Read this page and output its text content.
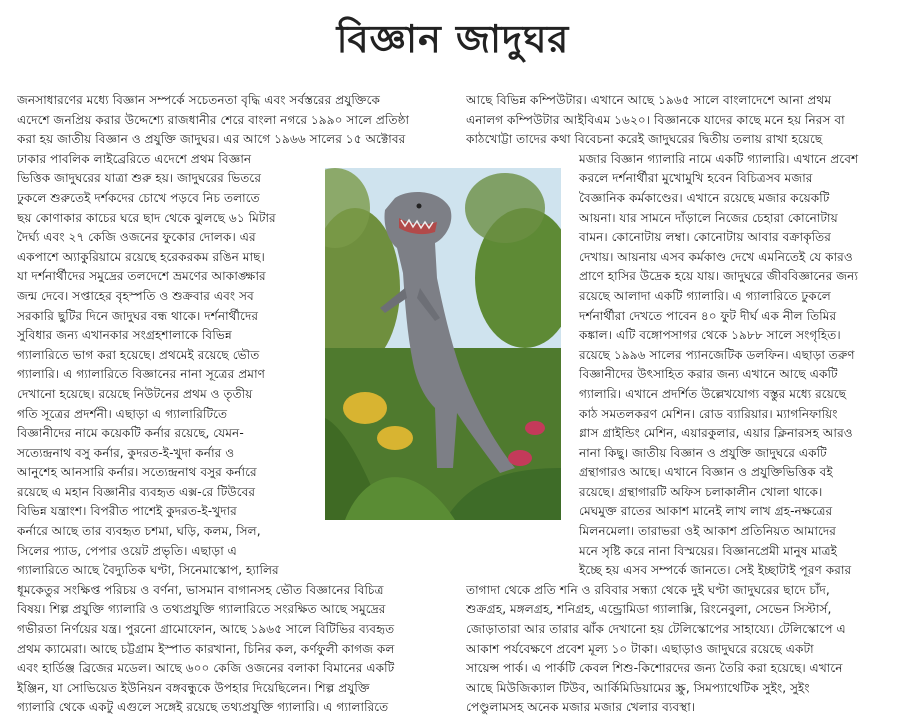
বিজ্ঞান জাদুঘর
জনসাধারণের মধ্যে বিজ্ঞান সম্পর্কে সচেতনতা বৃদ্ধি এবং সর্বস্তরের প্রযুক্তিকে
এদেশে জনপ্রিয় করার উদ্দেশ্যে রাজধানীর শেরে বাংলা নগরে ১৯৯০ সালে প্রতিষ্ঠা
করা হয় জাতীয় বিজ্ঞান ও প্রযুক্তি জাদুঘর। এর আগে ১৯৬৬ সালের ১৫ অক্টোবর
ঢাকার পাবলিক লাইব্রেরিতে এদেশে প্রথম বিজ্ঞান
ভিত্তিক জাদুঘরের যাত্রা শুরু হয়। জাদুঘরের ভিতরে
ঢুকলে শুরুতেই দর্শকদের চোখে পড়বে নিচ তলাতে
ছয় কোণাকার কাচের ঘরে ছাদ থেকে ঝুলছে ৬১ মিটার
দৈর্ঘ্য এবং ২৭ কেজি ওজনের ফুকোর দোলক। এর
একপাশে অ্যাকুরিয়ামে রয়েছে হরেকরকম রঙিন মাছ।
যা দর্শনার্থীদের সমুদ্রের তলদেশে ভ্রমণের আকাঙ্ক্ষার
জন্ম দেবে। সপ্তাহের বৃহস্পতি ও শুক্রবার এবং সব
সরকারি ছুটির দিনে জাদুঘর বন্ধ থাকে। দর্শনার্থীদের
সুবিধার জন্য এখানকার সংগ্রহশালাকে বিভিন্ন
গ্যালারিতে ভাগ করা হয়েছে। প্রথমেই রয়েছে ভৌত
গ্যালারি। এ গ্যালারিতে বিজ্ঞানের নানা সূত্রের প্রমাণ
দেখানো হয়েছে। রয়েছে নিউটনের প্রথম ও তৃতীয়
গতি সূত্রের প্রদর্শনী। এছাড়া এ গ্যালারিটিতে
বিজ্ঞানীদের নামে কয়েকটি কর্নার রয়েছে, যেমন-
সত্যেন্দ্রনাথ বসু কর্নার, কুদরত-ই-খুদা কর্নার ও
আনুশেহ আনসারি কর্নার। সত্যেন্দ্রনাথ বসুর কর্নারে
রয়েছে এ মহান বিজ্ঞানীর ব্যবহৃত এক্স-রে টিউবের
বিভিন্ন যন্ত্রাংশ। বিপরীত পাশেই কুদরত-ই-খুদার
কর্নারে আছে তার ব্যবহৃত চশমা, ঘড়ি, কলম, সিল,
সিলের প্যাড, পেপার ওয়েট প্রভৃতি। এছাড়া এ
গ্যালারিতে আছে বৈদ্যুতিক ঘণ্টা, সিনেমাস্কোপ, হ্যালির
ধূমকেতুর সংক্ষিপ্ত পরিচয় ও বর্ণনা, ভাসমান বাগানসহ ভৌত বিজ্ঞানের বিচিত্র
বিষয়। শিল্প প্রযুক্তি গ্যালারি ও তথ্যপ্রযুক্তি গ্যালারিতে সংরক্ষিত আছে সমুদ্রের
গভীরতা নির্ণয়ের যন্ত্র। পুরনো গ্রামোফোন, আছে ১৯৬৫ সালে বিটিভির ব্যবহৃত
প্রথম ক্যামেরা। আছে চট্টগ্রাম ইস্পাত কারখানা, চিনির কল, কর্ণফুলী কাগজ কল
এবং হার্ডিঞ্জ ব্রিজের মডেল। আছে ৬০০ কেজি ওজনের বলাকা বিমানের একটি
ইঞ্জিন, যা সোভিয়েত ইউনিয়ন বঙ্গবন্ধুকে উপহার দিয়েছিলেন। শিল্প প্রযুক্তি
গ্যালারি থেকে একটু এগুলে সঙ্গেই রয়েছে তথ্যপ্রযুক্তি গ্যালারি। এ গ্যালারিতে
আছে বিভিন্ন কম্পিউটার। এখানে আছে ১৯৬৫ সালে বাংলাদেশে আনা প্রথম
এনালগ কম্পিউটার আইবিএম ১৬২০। বিজ্ঞানকে যাদের কাছে মনে হয় নিরস বা
কাঠখোট্টা তাদের কথা বিবেচনা করেই জাদুঘরের দ্বিতীয় তলায় রাখা হয়েছে
মজার বিজ্ঞান গ্যালারি নামে একটি গ্যালারি। এখানে প্রবেশ
করলে দর্শনার্থীরা মুখোমুখি হবেন বিচিত্রসব মজার
বৈজ্ঞানিক কর্মকাণ্ডের। এখানে রয়েছে মজার কয়েকটি
আয়না। যার সামনে দাঁড়ালে নিজের চেহারা কোনোটায়
বামন। কোনোটায় লম্বা। কোনোটায় আবার বক্রাকৃতির
দেখায়। আয়নায় এসব কর্মকাণ্ড দেখে এমনিতেই যে কারও
প্রাণে হাসির উদ্রেক হয়ে যায়। জাদুঘরে জীববিজ্ঞানের জন্য
রয়েছে আলাদা একটি গ্যালারি। এ গ্যালারিতে ঢুকলে
দর্শনার্থীরা দেখতে পাবেন ৪০ ফুট দীর্ঘ এক নীল তিমির
কঙ্কাল। এটি বঙ্গোপসাগর থেকে ১৯৮৮ সালে সংগৃহিত।
রয়েছে ১৯৯৬ সালের প্যানজেটিক ডলফিন। এছাড়া তরুণ
বিজ্ঞানীদের উৎসাহিত করার জন্য এখানে আছে একটি
গ্যালারি। এখানে প্রদর্শিত উল্লেখযোগ্য বস্তুর মধ্যে রয়েছে
কাঠ সমতলকরণ মেশিন। রোড ব্যারিয়ার। ম্যাগনিফায়িং
গ্লাস গ্রাইন্ডিং মেশিন, এয়ারকুলার, এয়ার ক্লিনারসহ আরও
নানা কিছু। জাতীয় বিজ্ঞান ও প্রযুক্তি জাদুঘরে একটি
গ্রন্থাগারও আছে। এখানে বিজ্ঞান ও প্রযুক্তিভিত্তিক বই
রয়েছে। গ্রন্থাগারটি অফিস চলাকালীন খোলা থাকে।
মেঘমুক্ত রাতের আকাশ মানেই লাখ লাখ গ্রহ-নক্ষত্রের
মিলনমেলা। তারাভরা ওই আকাশ প্রতিনিয়ত আমাদের
মনে সৃষ্টি করে নানা বিস্ময়ের। বিজ্ঞানপ্রেমী মানুষ মাত্রই
ইচ্ছে হয় এসব সম্পর্কে জানতে। সেই ইচ্ছাটাই পূরণ করার
তাগাদা থেকে প্রতি শনি ও রবিবার সন্ধ্যা থেকে দুই ঘণ্টা জাদুঘরের ছাদে চাঁদ,
শুক্রগ্রহ, মঙ্গলগ্রহ, শনিগ্রহ, এন্ড্রোমিডা গ্যালাক্সি, রিংনেবুলা, সেভেন সিস্টার্স,
জোড়াতারা আর তারার ঝাঁক দেখানো হয় টেলিস্কোপের সাহায্যে। টেলিস্কোপে এ
আকাশ পর্যবেক্ষণে প্রবেশ মূল্য ১০ টাকা। এছাড়াও জাদুঘরে রয়েছে একটা
সায়েন্স পার্ক। এ পার্কটি কেবল শিশু-কিশোরদের জন্য তৈরি করা হয়েছে। এখানে
আছে মিউজিক্যাল টিউব, আর্কিমিডিয়ামের স্ক্রু, সিমপ্যাথেটিক সুইং, সুইং
পেণ্ডুলামসহ অনেক মজার মজার খেলার ব্যবস্থা।
